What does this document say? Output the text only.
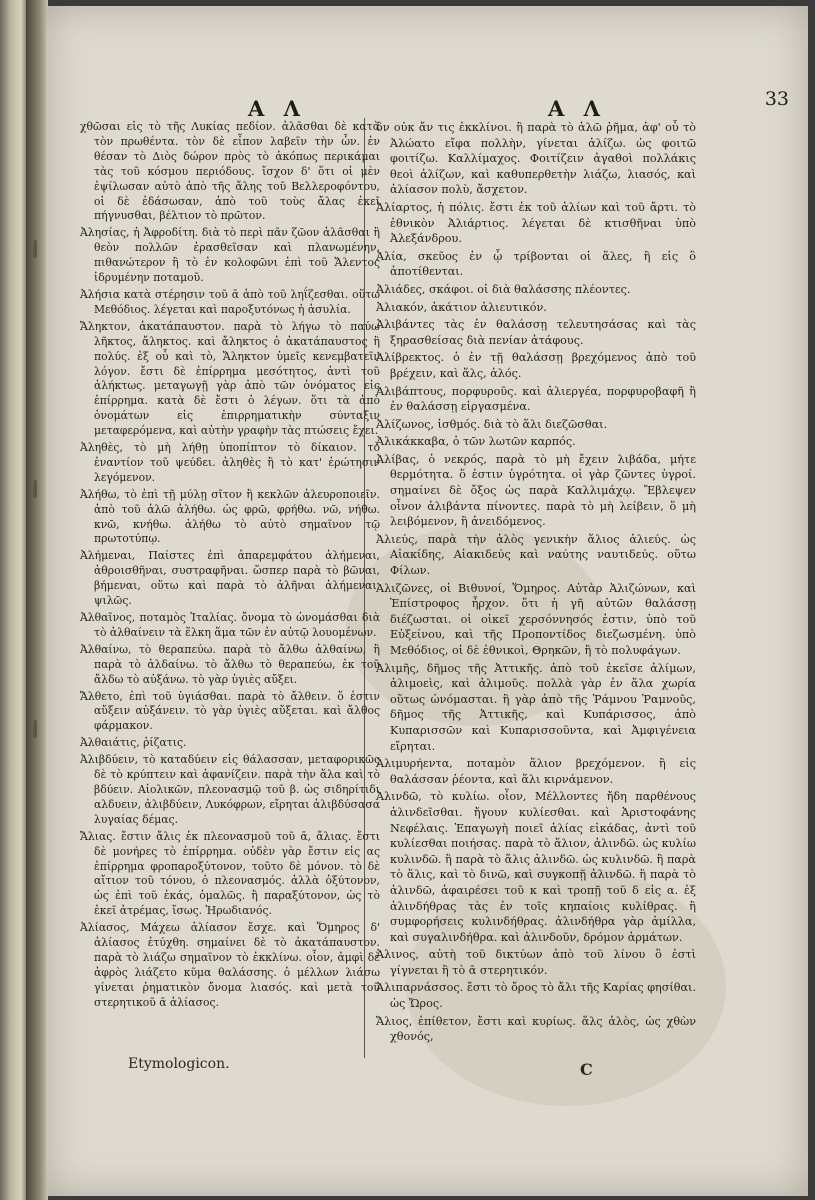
Α Λ	Α Λ	33

χθῶσαι εἰς τὸ τῆς Λυκίας πεδίον. ἀλᾶσθαι δὲ κατὰ τὸν πρωθέντα. τὸν δὲ εἶπον λαβεῖν τὴν ὧν. ἐν θέσαν τὸ Διὸς δώρον πρὸς τὸ ἀκόπως περικάμαι τὰς τοῦ κόσμου περιόδους. ἴσχον δ' ὅτι οἱ μὲν ἐψίλωσαν αὐτὸ ἀπὸ τῆς ἄλης τοῦ Βελλεροφόντου, οἱ δὲ ἐδάσωσαν, ἀπὸ τοῦ τοὺς ἄλας ἐκεῖ πήγνυσθαι, βέλτιον τὸ πρῶτον.

Ἀλησίας, ἡ Ἀφροδίτη. διὰ τὸ περὶ πᾶν ζῶον ἀλᾶσθαι ἢ θεὸν πολλῶν ἐρασθεῖσαν καὶ πλανωμένην. πιθανώτερον ἢ τὸ ἐν κολοφῶνι ἐπὶ τοῦ Ἄλεντος ἱδρυμένην ποταμοῦ.

Ἀλήσια κατὰ στέρησιν τοῦ ᾱ ἀπὸ τοῦ ληΐζεσθαι. οὕτω Μεθόδιος. λέγεται καὶ παροξυτόνως ἡ ἀσυλία.

Ἄληκτον, ἀκατάπαυστον. παρὰ τὸ λήγω τὸ παύω λῆκτος, ἄληκτος. καὶ ἄληκτος ὁ ἀκατάπαυστος ἢ πολύς. ἐξ οὗ καὶ τὸ, Ἄληκτον ὑμεῖς κενεμβατεῖν λόγον. ἔστι δὲ ἐπίρρημα μεσότητος, ἀντὶ τοῦ ἀλήκτως. μεταγωγῇ γὰρ ἀπὸ τῶν ὀνόματος εἰς ἐπίρρημα. κατὰ δὲ ἔστι ὁ λέγων. ὅτι τὰ ἀπὸ ὀνομάτων εἰς ἐπιρρηματικὴν σύνταξιν μεταφερόμενα, καὶ αὐτὴν γραφὴν τὰς πτώσεις ἔχει.

Ἀληθὲς, τὸ μὴ λήθῃ ὑποπίπτον τὸ δίκαιον. τὸ ἐναντίον τοῦ ψεύδει. ἀληθὲς ἢ τὸ κατ' ἐρώτησιν λεγόμενον.

Ἀλήθω, τὸ ἐπὶ τῇ μύλῃ σῖτον ἢ κεκλῶν ἀλευροποιεῖν. ἀπὸ τοῦ ἀλῶ ἀλήθω. ὡς φρῶ, φρήθω. νῶ, νήθω. κνῶ, κνήθω. ἀλήθω τὸ αὐτὸ σημαῖνον τῷ πρωτοτύπῳ.

Ἀλήμεναι, Παίστες ἐπὶ ἀπαρεμφάτου ἀλήμεναι, ἀθροισθῆναι, συστραφῆναι. ὥσπερ παρὰ τὸ βῶναι, βήμεναι, οὕτω καὶ παρὰ τὸ ἀλῆναι ἀλήμεναι, ψιλῶς.

Ἀλθαῖνος, ποταμὸς Ἰταλίας. ὄνομα τὸ ὠνομάσθαι διὰ τὸ ἀλθαίνειν τὰ ἕλκη ἅμα τῶν ἐν αὐτῷ λουομένων.

Ἀλθαίνω, τὸ θεραπεύω. παρὰ τὸ ἄλθω ἀλθαίνω, ἢ παρὰ τὸ ἀλδαίνω. τὸ ἄλθω τὸ θεραπεύω, ἐκ τοῦ ἄλδω τὸ αὐξάνω. τὸ γὰρ ὑγιὲς αὔξει.

Ἄλθετο, ἐπὶ τοῦ ὑγιάσθαι. παρὰ τὸ ἄλθειν. ὅ ἐστιν αὔξειν αὐξάνειν. τὸ γὰρ ὑγιὲς αὔξεται. καὶ ἄλθος φάρμακον.

Ἀλθαιάτις, ῥίζατις.

Ἀλιβδύειν, τὸ καταδύειν εἰς θάλασσαν, μεταφορικῶς δὲ τὸ κρύπτειν καὶ ἀφανίζειν. παρὰ τὴν ἅλα καὶ τὸ βδύειν. Αἰολικῶν, πλεονασμῷ τοῦ β. ὡς σιδηρίτιδι αλδυειν, ἀλιβδύειν, Λυκόφρων, εἴρηται ἀλιβδύσασα λυγαίας δέμας.

Ἄλιας. ἔστιν ἄλις ἐκ πλεονασμοῦ τοῦ ᾱ, ἄλιας. ἔστι δὲ μονήρες τὸ ἐπίρρημα. οὐδὲν γὰρ ἔστιν εἰς ας ἐπίρρημα φροπαροξύτονον, τοῦτο δὲ μόνον. τὸ δὲ αἴτιον τοῦ τόνου, ὁ πλεονασμός. ἀλλὰ ὀξύτονον, ὡς ἐπὶ τοῦ ἑκάς, ὁμαλῶς. ἢ παραξύτονον, ὡς τὸ ἐκεῖ ἀτρέμας, ἴσως. Ἡρωδιανός.

Ἀλίασος, Μάχεω ἀλίασον ἔσχε. καὶ Ὅμηρος δ' ἀλίασος ἐτύχθη. σημαίνει δὲ τὸ ἀκατάπαυστον. παρὰ τὸ λιάζω σημαῖνον τὸ ἐκκλίνω. οἷον, ἀμφὶ δὲ ἀφρὸς λιάζετο κῦμα θαλάσσης. ὁ μέλλων λιάσω γίνεται ῥηματικὸν ὄνομα λιασός. καὶ μετὰ τοῦ στερητικοῦ ᾱ ἀλίασος.

ὃν οὐκ ἄν τις ἐκκλίνοι. ἢ παρὰ τὸ ἀλῶ ῥῆμα, ἀφ' οὗ τὸ Ἀλώατο εἴφα πολλὴν, γίνεται ἀλίζω. ὡς φοιτῶ φοιτίζω. Καλλίμαχος. Φοιτίζειν ἀγαθοὶ πολλάκις θεοὶ ἀλίζων, καὶ καθυπερθετὴν λιάζω, λιασός, καὶ ἀλίασον πολὺ, ἄσχετον.

Ἀλίαρτος, ἡ πόλις. ἔστι ἐκ τοῦ ἀλίων καὶ τοῦ ἄρτι. τὸ ἐθνικὸν Ἀλιάρτιος. λέγεται δὲ κτισθῆναι ὑπὸ Ἀλεξάνδρου.

Ἀλία, σκεῦος ἐν ᾧ τρίβονται οἱ ἅλες, ἢ εἰς ὃ ἀποτίθενται.

Ἀλιάδες, σκάφοι. οἱ διὰ θαλάσσης πλέοντες.

Ἀλιακόν, ἀκάτιον ἁλιευτικόν.

Ἀλιβάντες τὰς ἐν θαλάσσῃ τελευτησάσας καὶ τὰς ξηρασθείσας διὰ πενίαν ἀτάφους.

Ἀλίβρεκτος. ὁ ἐν τῇ θαλάσσῃ βρεχόμενος ἀπὸ τοῦ βρέχειν, καὶ ἅλς, ἁλός.

Ἀλιβάπτους, πορφυροῦς. καὶ ἁλιεργέα, πορφυροβαφῆ ἢ ἐν θαλάσσῃ εἰργασμένα.

Ἀλίζωνος, ἰσθμός. διὰ τὸ ἅλι διεζῶσθαι.

Ἀλικάκκαβα, ὁ τῶν λωτῶν καρπός.

Ἀλίβας, ὁ νεκρός, παρὰ τὸ μὴ ἔχειν λιβάδα, μήτε θερμότητα. ὅ ἐστιν ὑγρότητα. οἱ γὰρ ζῶντες ὑγροί. σημαίνει δὲ ὄξος ὡς παρὰ Καλλιμάχῳ. Ἔβλεψεν οἶνον ἀλιβάντα πίνοντες. παρὰ τὸ μὴ λείβειν, ὅ μὴ λειβόμενον, ἢ ἀνειδόμενος.

Ἀλιεύς, παρὰ τὴν ἁλὸς γενικὴν ἅλιος ἁλιεύς. ὡς Αἰακίδης, Αἰακιδεύς καὶ ναύτης ναυτιδεύς. οὕτω Φίλων.

Ἀλιζῶνες, οἱ Βιθυνοί, Ὅμηρος. Αὐτὰρ Ἀλιζώνων, καὶ Ἐπίστροφος ἦρχον. ὅτι ἡ γῆ αὐτῶν θαλάσσῃ διέζωσται. οἱ οἰκεῖ χερσόννησός ἐστιν, ὑπὸ τοῦ Εὐξείνου, καὶ τῆς Προποντίδος διεζωσμένη. ὑπὸ Μεθόδιος, οἱ δὲ ἐθνικοὶ, Θρηκῶν, ἢ τὸ πολυφάγων.

Ἀλιμῆς, δῆμος τῆς Ἀττικῆς. ἀπὸ τοῦ ἐκεῖσε ἀλίμων, ἀλιμοεὶς, καὶ ἀλιμοῦς. πολλὰ γὰρ ἐν ἅλα χωρία οὕτως ὠνόμασται. ἢ γὰρ ἀπὸ τῆς Ῥάμνου Ῥαμνοῦς, δῆμος τῆς Ἀττικῆς, καὶ Κυπάρισσος, ἀπὸ Κυπαρισσῶν καὶ Κυπαρισσοῦντα, καὶ Ἀμφιγένεια εἴρηται.

Ἀλιμυρήεντα, ποταμὸν ἅλιον βρεχόμενον. ἢ εἰς θαλάσσαν ῥέοντα, καὶ ἅλι κιρνάμενον.

Ἀλινδῶ, τὸ κυλίω. οἷον, Μέλλοντες ἤδη παρθένους ἀλινδεῖσθαι. ἤγουν κυλίεσθαι. καὶ Ἀριστοφάνης Νεφέλαις. Ἐπαγωγὴ ποιεῖ ἀλίας εἰκάδας, ἀντὶ τοῦ κυλίεσθαι ποιήσας. παρὰ τὸ ἅλιον, ἀλινδῶ. ὡς κυλίω κυλινδῶ. ἢ παρὰ τὸ ἅλις ἀλινδῶ. ὡς κυλινδῶ. ἢ παρὰ τὸ ἅλις, καὶ τὸ δινῶ, καὶ συγκοπῇ ἀλινδῶ. ἢ παρὰ τὸ ἀλινδῶ, ἀφαιρέσει τοῦ κ καὶ τροπῇ τοῦ δ εἰς α. ἐξ ἀλινδήθρας τὰς ἐν τοῖς κηπαίοις κυλίθρας. ἢ συμφορήσεις κυλινδήθρας. ἀλινδήθρα γὰρ ἀμίλλα, καὶ συγαλινδήθρα. καὶ ἀλινδοῦν, δρόμον ἁρμάτων.

Ἀλινος, αὐτὴ τοῦ δικτύων ἀπὸ τοῦ λίνου ὃ ἐστὶ γίγνεται ἢ τὸ ᾱ στερητικόν.

Ἀλιπαρνάσσος. ἔστι τὸ ὄρος τὸ ἄλι τῆς Καρίας φησίθαι. ὡς Ὤρος.

Ἄλιος, ἐπίθετον, ἔστι καὶ κυρίως. ἅλς ἁλὸς, ὡς χθὼν χθονός,

Etymologicon.	C
